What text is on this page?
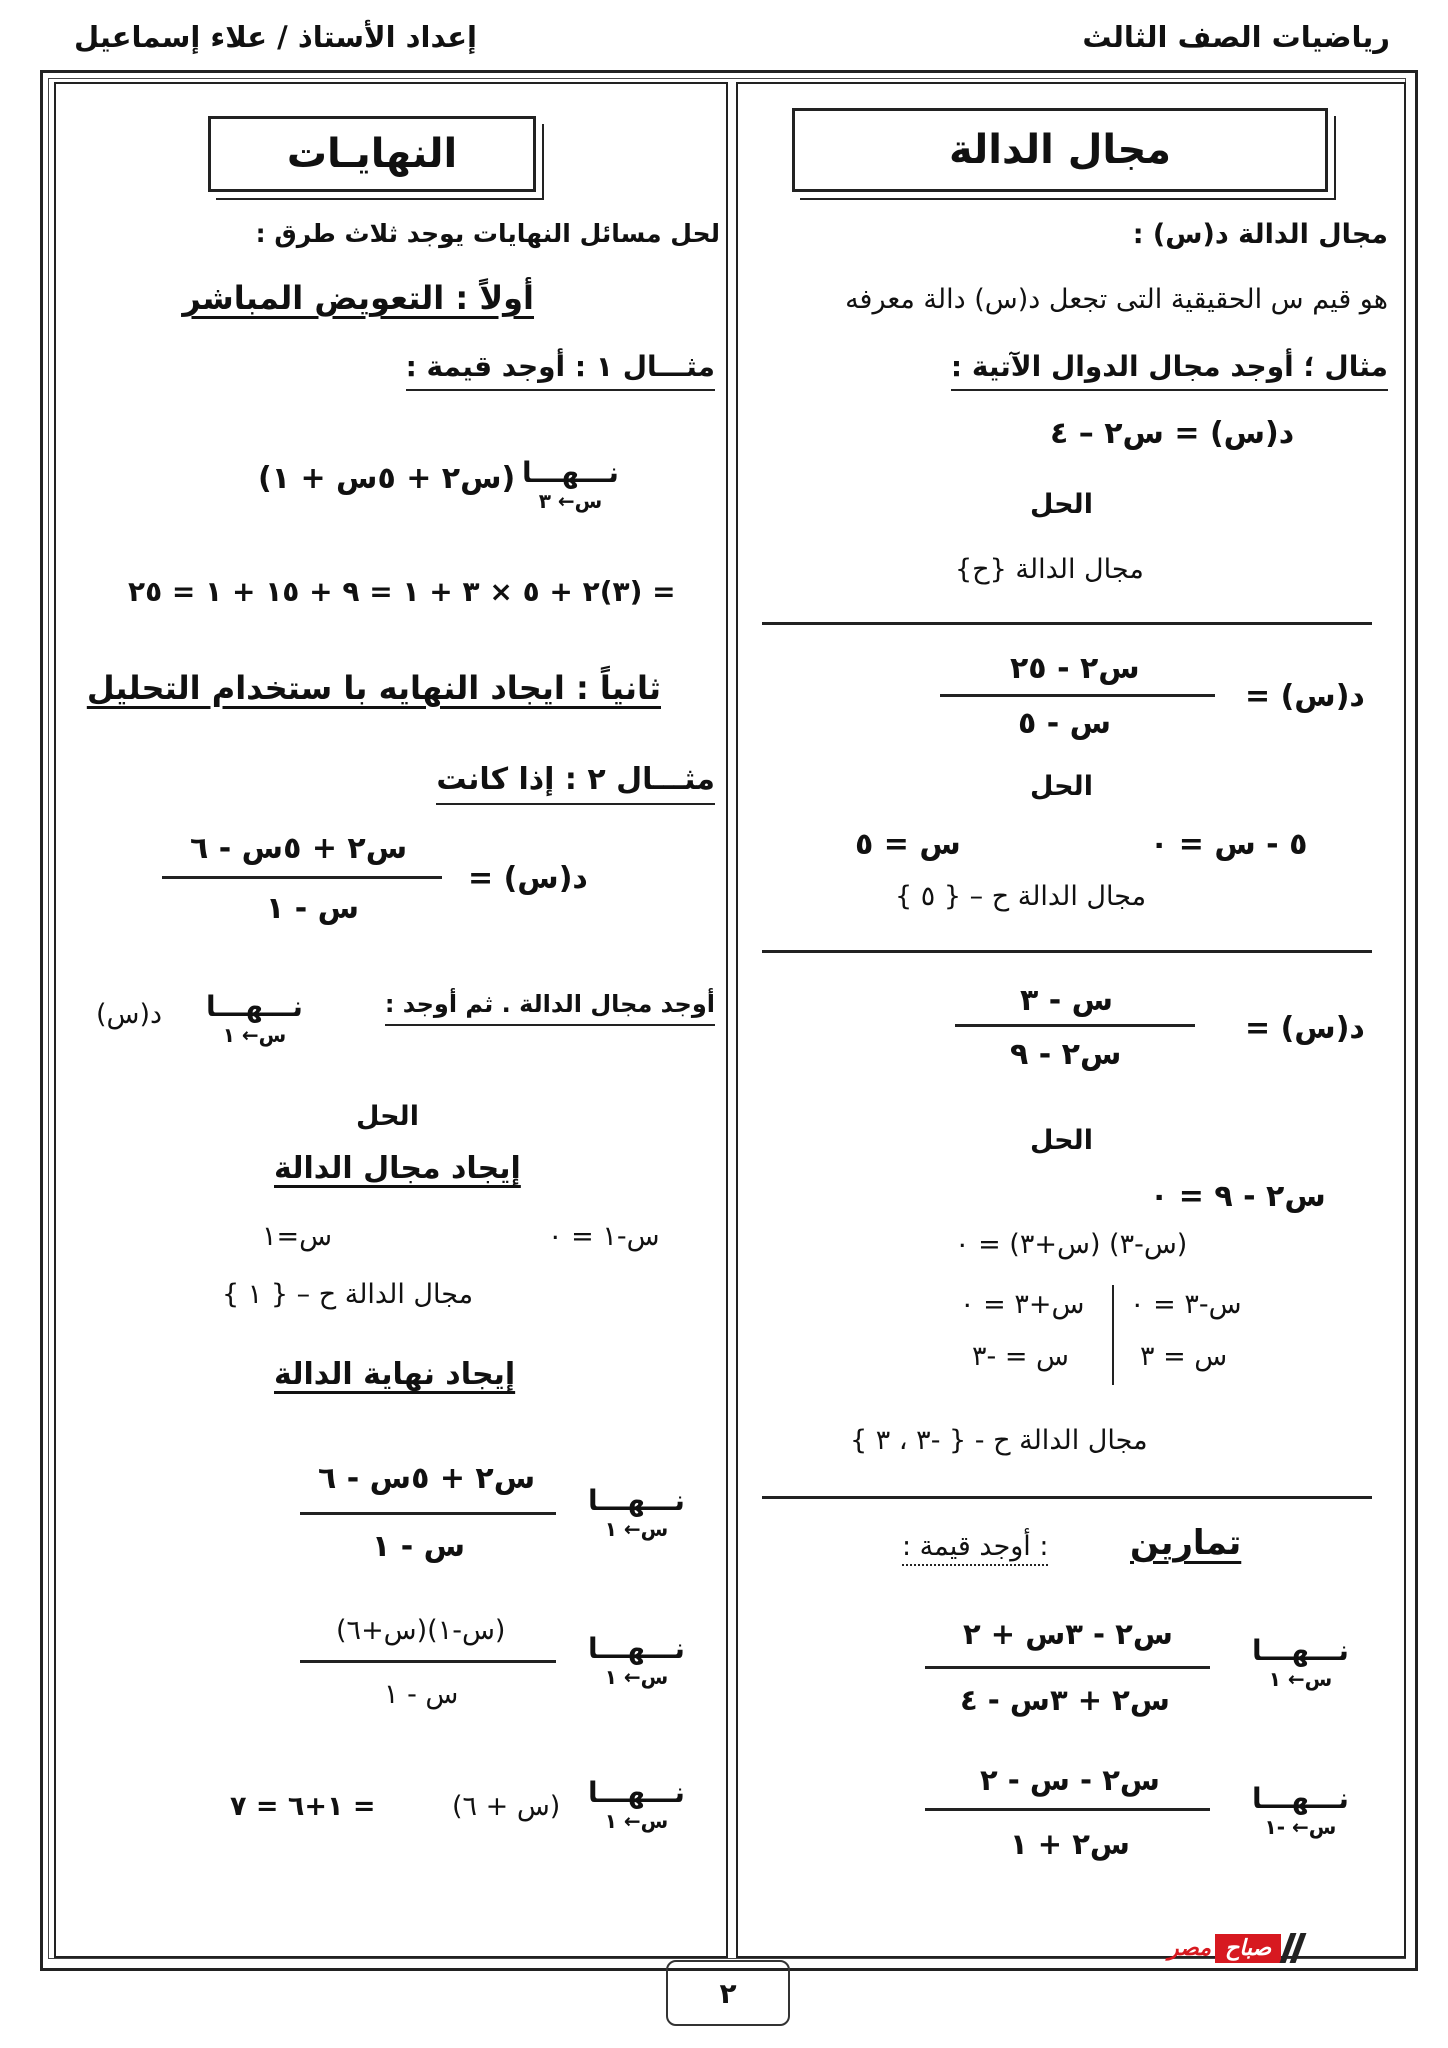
رياضيات الصف الثالث
إعداد الأستاذ / علاء إسماعيل
مجال الدالة
مجال الدالة د(س) :
هو قيم س الحقيقية التى تجعل د(س) دالة معرفه
مثال ؛ أوجد مجال الدوال الآتية :
د(س) = س٢ – ٤
الحل
مجال الدالة {ح}
د(س) =
س٢ - ٢٥
س - ٥
الحل
٥ - س = ٠
س = ٥
مجال الدالة ح – { ٥ }
د(س) =
س - ٣
س٢ - ٩
الحل
س٢ - ٩ = ٠
(س-٣) (س+٣) = ٠
س-٣ = ٠
س = ٣
س+٣ = ٠
س = -٣
مجال الدالة ح - { -٣ ، ٣ }
تمارين
: أوجد قيمة :
نـــهـــا
س← ١
س٢ - ٣س + ٢
س٢ + ٣س - ٤
نـــهـــا
س← -١
س٢ - س - ٢
س٢ + ١
النهايـات
لحل مسائل النهايات يوجد ثلاث طرق :
أولاً : التعويض المباشر
مثـــال ١ : أوجد قيمة :
نـــهـــا
س← ٣
(س٢ + ٥س + ١)
= (٣)٢ + ٥ × ٣ + ١ = ٩ + ١٥ + ١ = ٢٥
ثانياً : ايجاد النهايه با ستخدام التحليل
مثـــال ٢ : إذا كانت
د(س) =
س٢ + ٥س - ٦
س - ١
أوجد مجال الدالة . ثم أوجد :
نـــهـــا
س← ١
د(س)
الحل
إيجاد مجال الدالة
س-١ = ٠
س=١
مجال الدالة ح – { ١ }
إيجاد نهاية الدالة
نـــهـــا
س← ١
س٢ + ٥س - ٦
س - ١
نـــهـــا
س← ١
(س-١)(س+٦)
س - ١
نـــهـــا
س← ١
(س + ٦)
= ١+٦ = ٧
مصر صباح
٢
